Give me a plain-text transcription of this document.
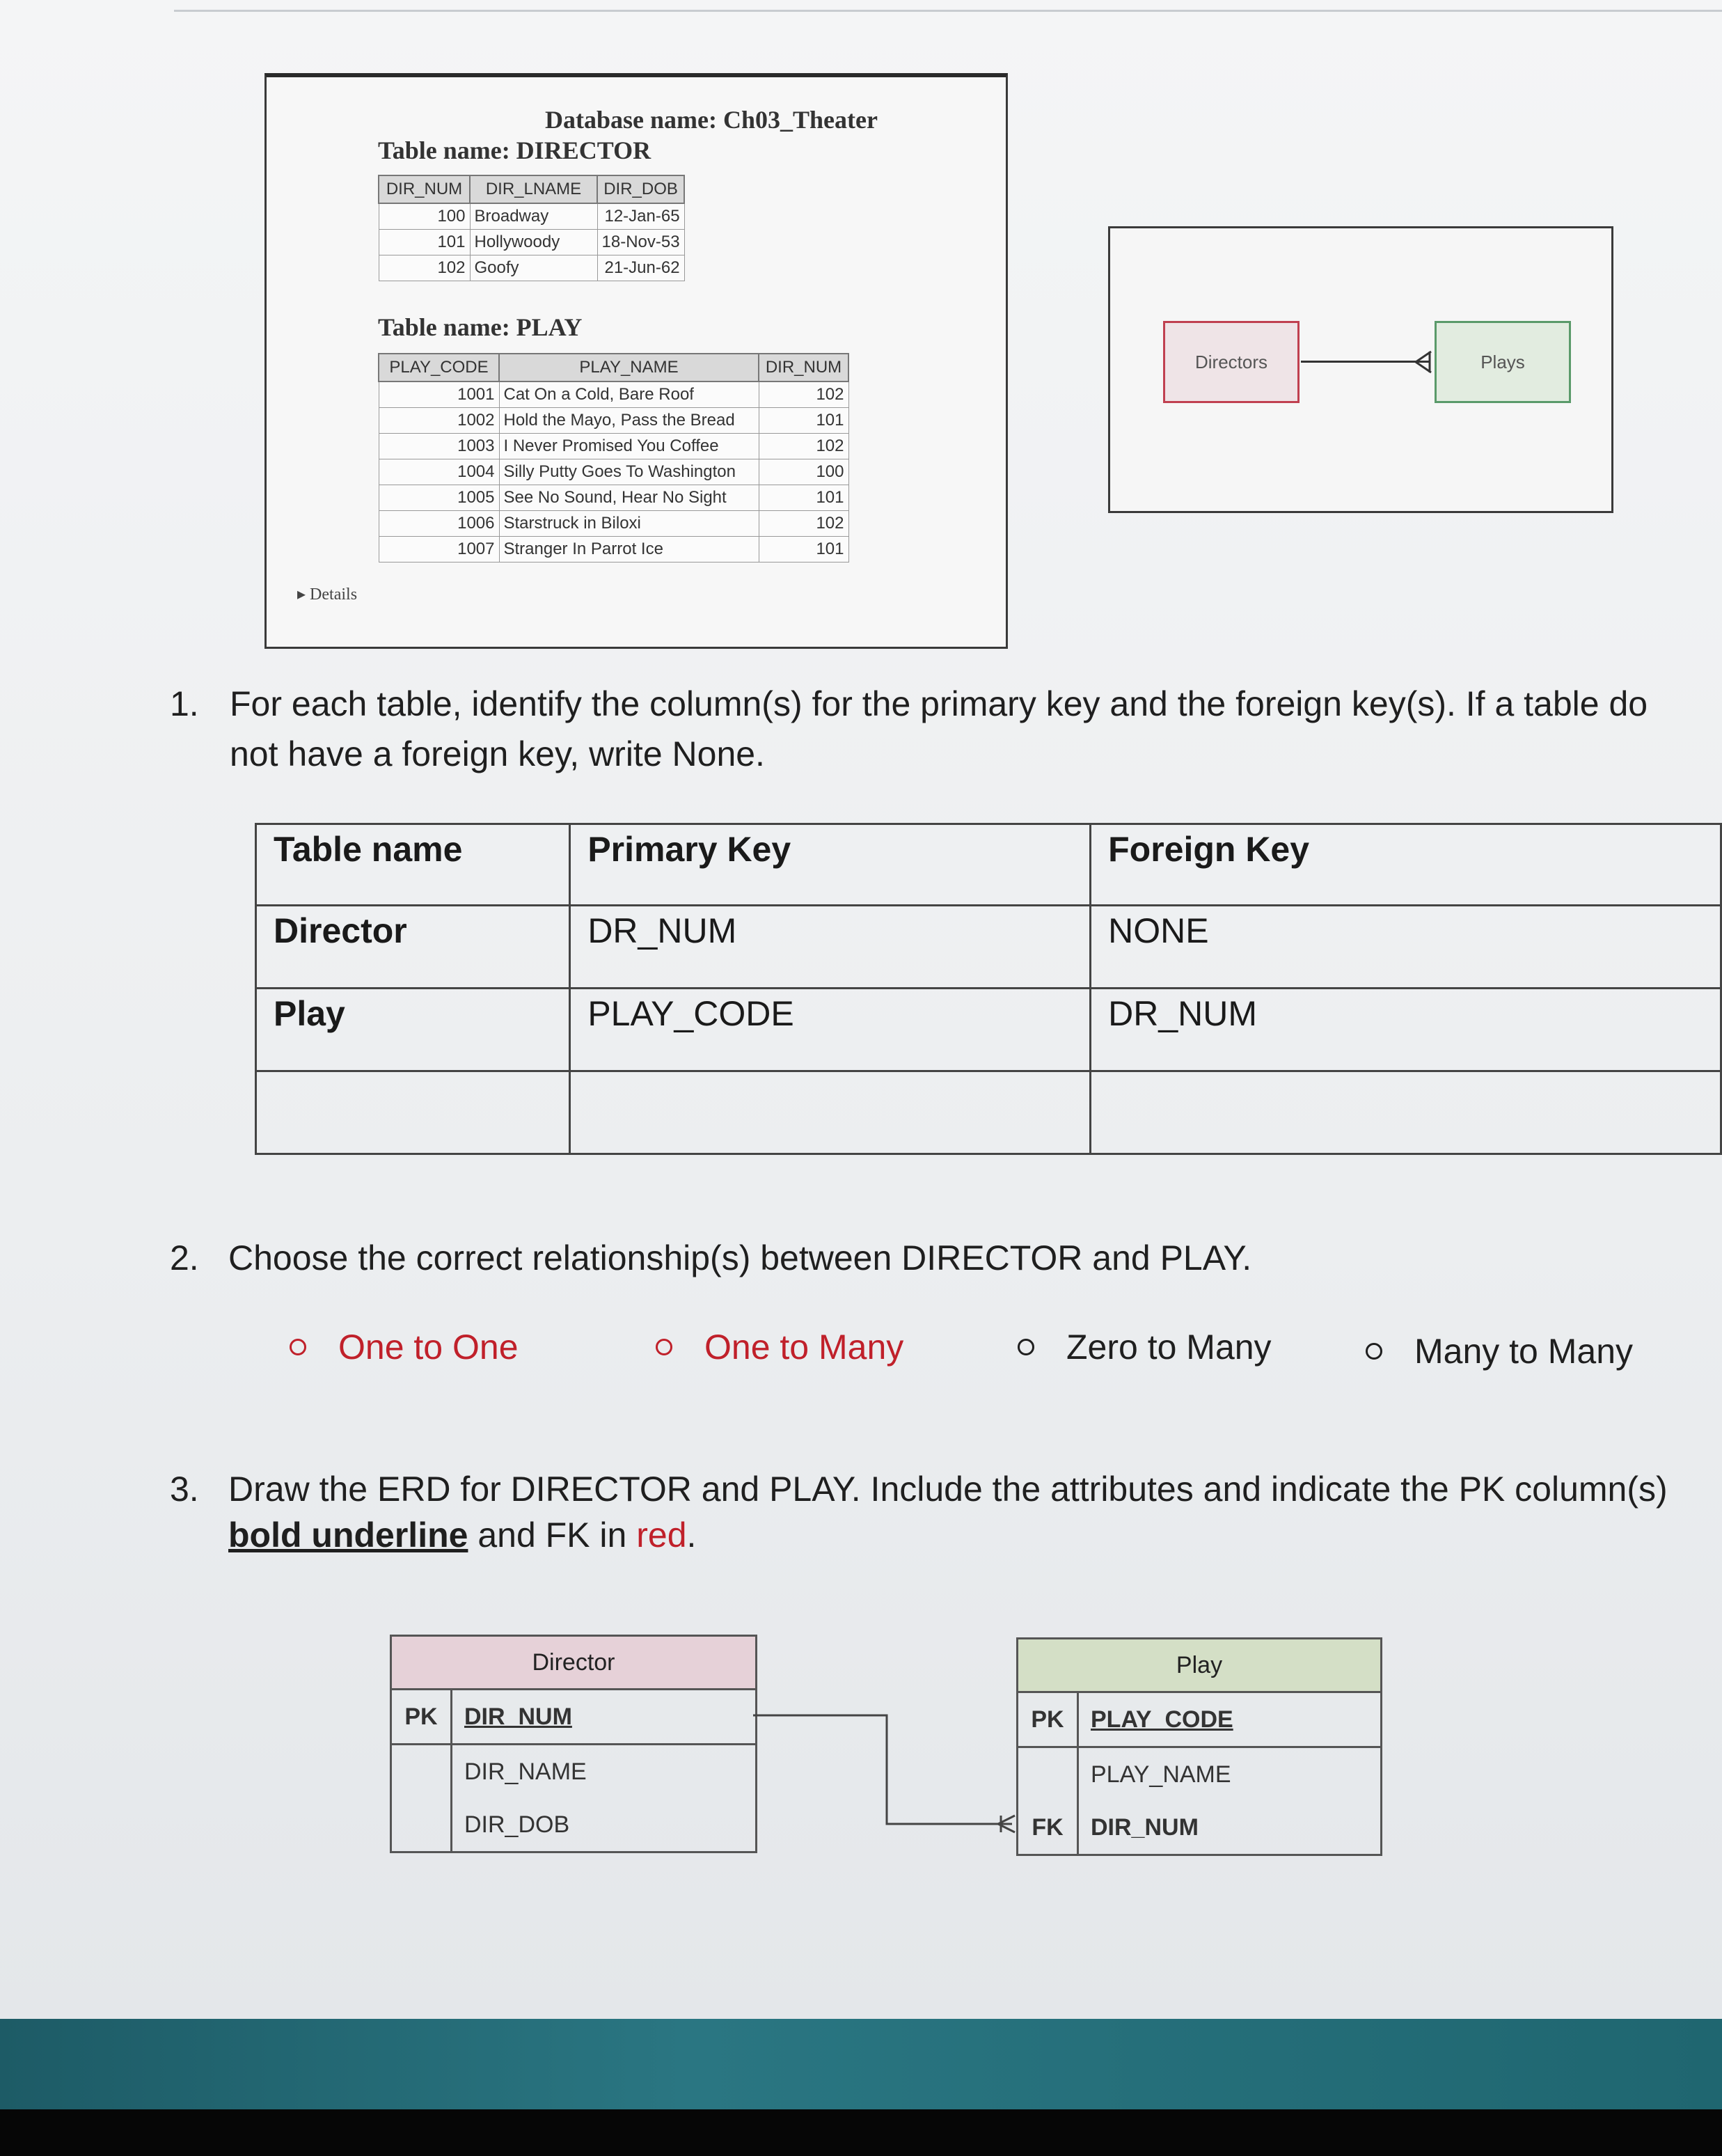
Database name: Ch03_Theater
Table name: DIRECTOR
DIR_NUM	DIR_LNAME	DIR_DOB
100	Broadway	12-Jan-65
101	Hollywoody	18-Nov-53
102	Goofy	21-Jun-62
Table name: PLAY
PLAY_CODE	PLAY_NAME	DIR_NUM
1001	Cat On a Cold, Bare Roof	102
1002	Hold the Mayo, Pass the Bread	101
1003	I Never Promised You Coffee	102
1004	Silly Putty Goes To Washington	100
1005	See No Sound, Hear No Sight	101
1006	Starstruck in Biloxi	102
1007	Stranger In Parrot Ice	101
▸ Details
Directors	Plays
1. For each table, identify the column(s) for the primary key and the foreign key(s). If a table do
not have a foreign key, write None.
Table name	Primary Key	Foreign Key
Director	DR_NUM	NONE
Play	PLAY_CODE	DR_NUM

2. Choose the correct relationship(s) between DIRECTOR and PLAY.
One to One	One to Many	Zero to Many	Many to Many
3. Draw the ERD for DIRECTOR and PLAY. Include the attributes and indicate the PK column(s)
bold underline and FK in red.
Director
PK	DIR_NUM
DIR_NAME
DIR_DOB
Play
PK	PLAY_CODE
PLAY_NAME
FK	DIR_NUM
